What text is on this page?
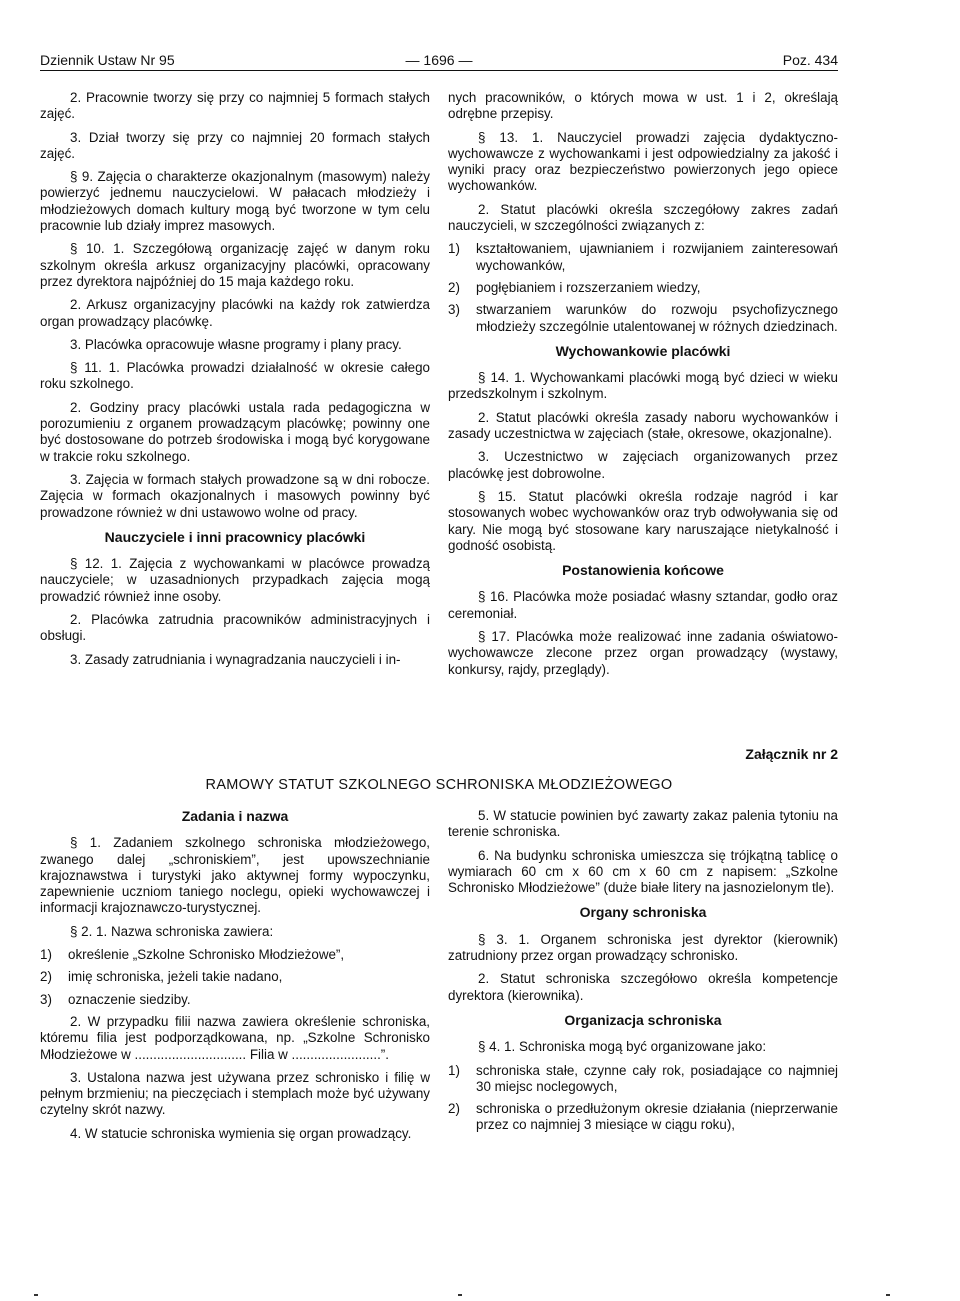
Dziennik Ustaw Nr 95	— 1696 —	Poz. 434

2. Pracownie tworzy się przy co najmniej 5 formach stałych zajęć.

3. Dział tworzy się przy co najmniej 20 formach stałych zajęć.

§ 9. Zajęcia o charakterze okazjonalnym (masowym) należy powierzyć jednemu nauczycielowi. W pałacach młodzieży i młodzieżowych domach kultury mogą być tworzone w tym celu pracownie lub działy imprez masowych.

§ 10. 1. Szczegółową organizację zajęć w danym roku szkolnym określa arkusz organizacyjny placówki, opracowany przez dyrektora najpóźniej do 15 maja każdego roku.

2. Arkusz organizacyjny placówki na każdy rok zatwierdza organ prowadzący placówkę.

3. Placówka opracowuje własne programy i plany pracy.

§ 11. 1. Placówka prowadzi działalność w okresie całego roku szkolnego.

2. Godziny pracy placówki ustala rada pedagogiczna w porozumieniu z organem prowadzącym placówkę; powinny one być dostosowane do potrzeb środowiska i mogą być korygowane w trakcie roku szkolnego.

3. Zajęcia w formach stałych prowadzone są w dni robocze. Zajęcia w formach okazjonalnych i masowych powinny być prowadzone również w dni ustawowo wolne od pracy.

Nauczyciele i inni pracownicy placówki

§ 12. 1. Zajęcia z wychowankami w placówce prowadzą nauczyciele; w uzasadnionych przypadkach zajęcia mogą prowadzić również inne osoby.

2. Placówka zatrudnia pracowników administracyjnych i obsługi.

3. Zasady zatrudniania i wynagradzania nauczycieli i in-

nych pracowników, o których mowa w ust. 1 i 2, określają odrębne przepisy.

§ 13. 1. Nauczyciel prowadzi zajęcia dydaktyczno-wychowawcze z wychowankami i jest odpowiedzialny za jakość i wyniki pracy oraz bezpieczeństwo powierzonych jego opiece wychowanków.

2. Statut placówki określa szczegółowy zakres zadań nauczycieli, w szczególności związanych z:

1)	kształtowaniem, ujawnianiem i rozwijaniem zainteresowań wychowanków,
2)	pogłębianiem i rozszerzaniem wiedzy,
3)	stwarzaniem warunków do rozwoju psychofizycznego młodzieży szczególnie utalentowanej w różnych dziedzinach.
Wychowankowie placówki

§ 14. 1. Wychowankami placówki mogą być dzieci w wieku przedszkolnym i szkolnym.

2. Statut placówki określa zasady naboru wychowanków i zasady uczestnictwa w zajęciach (stałe, okresowe, okazjonalne).

3. Uczestnictwo w zajęciach organizowanych przez placówkę jest dobrowolne.

§ 15. Statut placówki określa rodzaje nagród i kar stosowanych wobec wychowanków oraz tryb odwoływania się od kary. Nie mogą być stosowane kary naruszające nietykalność i godność osobistą.

Postanowienia końcowe

§ 16. Placówka może posiadać własny sztandar, godło oraz ceremoniał.

§ 17. Placówka może realizować inne zadania oświatowo-wychowawcze zlecone przez organ prowadzący (wystawy, konkursy, rajdy, przeglądy).

Załącznik nr 2
RAMOWY STATUT SZKOLNEGO SCHRONISKA MŁODZIEŻOWEGO
Zadania i nazwa

§ 1. Zadaniem szkolnego schroniska młodzieżowego, zwanego dalej „schroniskiem”, jest upowszechnianie krajoznawstwa i turystyki jako aktywnej formy wypoczynku, zapewnienie uczniom taniego noclegu, opieki wychowawczej i informacji krajoznawczo-turystycznej.

§ 2. 1. Nazwa schroniska zawiera:

1)	określenie „Szkolne Schronisko Młodzieżowe”,
2)	imię schroniska, jeżeli takie nadano,
3)	oznaczenie siedziby.

2. W przypadku filii nazwa zawiera określenie schroniska, któremu filia jest podporządkowana, np. „Szkolne Schronisko Młodzieżowe w .............................. Filia w ........................”.

3. Ustalona nazwa jest używana przez schronisko i filię w pełnym brzmieniu; na pieczęciach i stemplach może być używany czytelny skrót nazwy.

4. W statucie schroniska wymienia się organ prowadzący.

5. W statucie powinien być zawarty zakaz palenia tytoniu na terenie schroniska.

6. Na budynku schroniska umieszcza się trójkątną tablicę o wymiarach 60 cm x 60 cm x 60 cm z napisem: „Szkolne Schronisko Młodzieżowe” (duże białe litery na jasnozielonym tle).

Organy schroniska

§ 3. 1. Organem schroniska jest dyrektor (kierownik) zatrudniony przez organ prowadzący schronisko.

2. Statut schroniska szczegółowo określa kompetencje dyrektora (kierownika).

Organizacja schroniska

§ 4. 1. Schroniska mogą być organizowane jako:

1)	schroniska stałe, czynne cały rok, posiadające co najmniej 30 miejsc noclegowych,
2)	schroniska o przedłużonym okresie działania (nieprzerwanie przez co najmniej 3 miesiące w ciągu roku),
